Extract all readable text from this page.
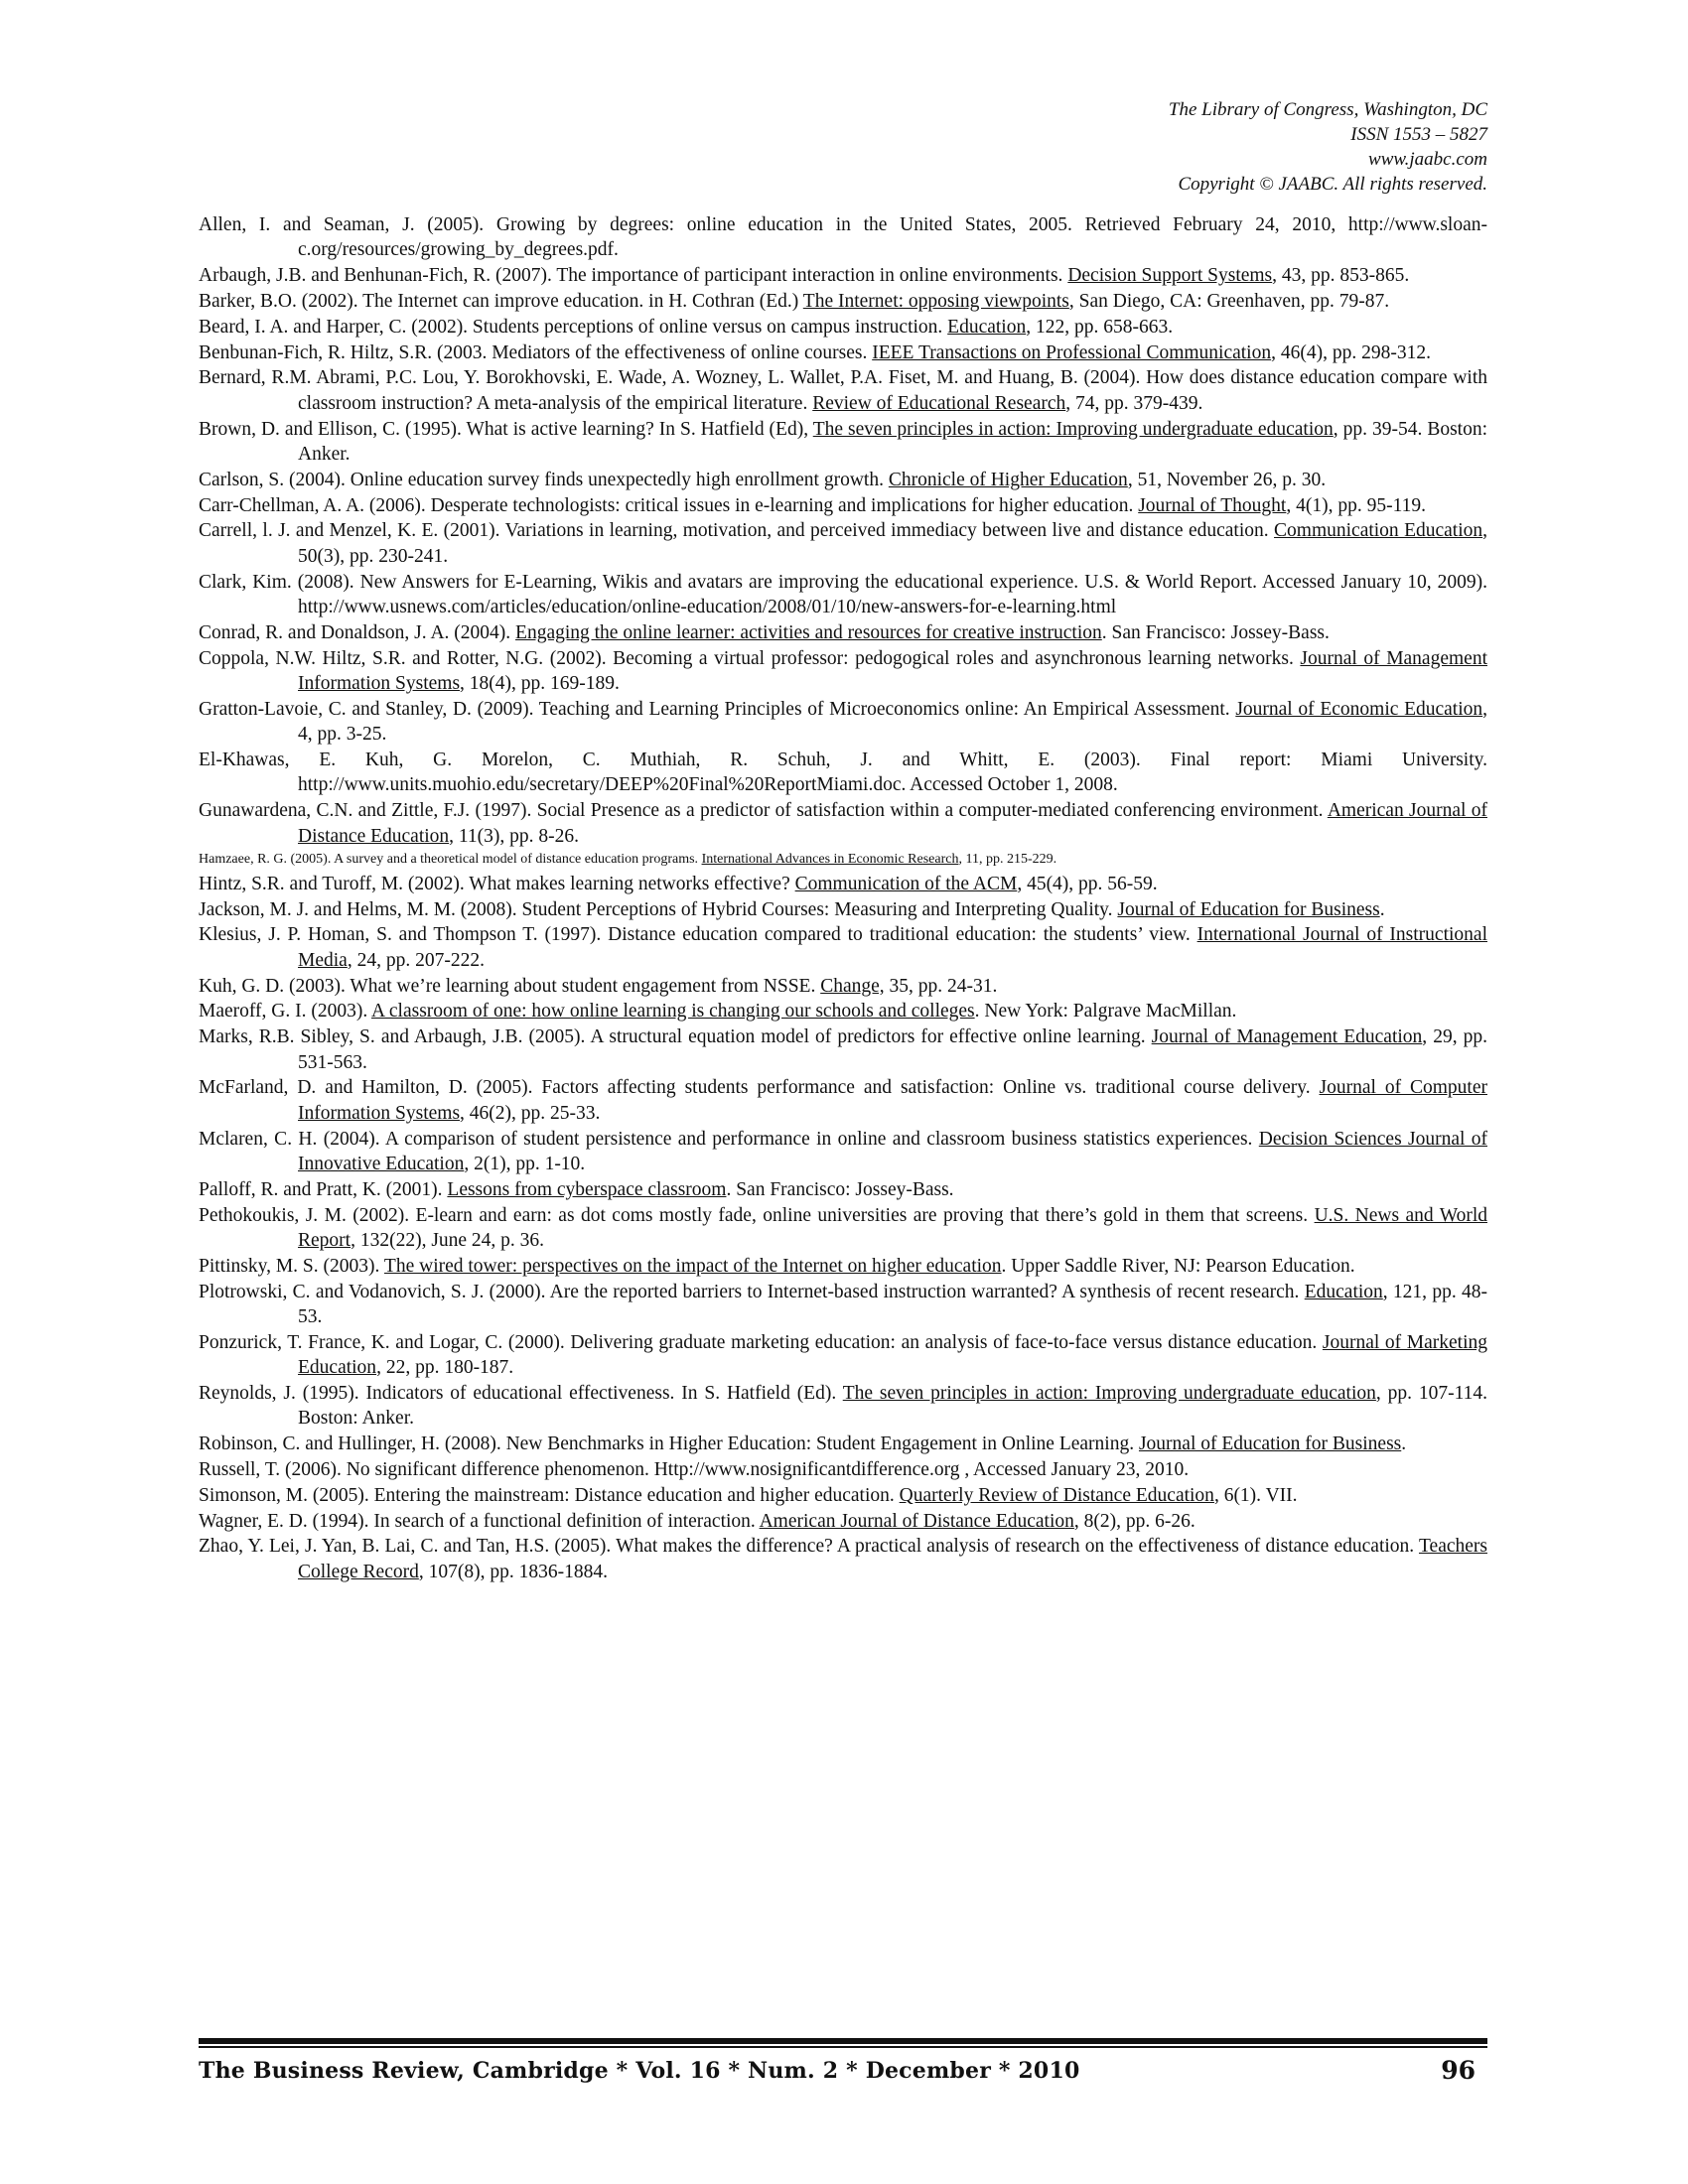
The Library of Congress, Washington, DC
ISSN 1553 – 5827
www.jaabc.com
Copyright © JAABC. All rights reserved.
Allen, I. and Seaman, J. (2005). Growing by degrees: online education in the United States, 2005. Retrieved February 24, 2010, http://www.sloan-c.org/resources/growing_by_degrees.pdf.
Arbaugh, J.B. and Benhunan-Fich, R. (2007). The importance of participant interaction in online environments. Decision Support Systems, 43, pp. 853-865.
Barker, B.O. (2002). The Internet can improve education. in H. Cothran (Ed.) The Internet: opposing viewpoints, San Diego, CA: Greenhaven, pp. 79-87.
Beard, I. A. and Harper, C. (2002). Students perceptions of online versus on campus instruction. Education, 122, pp. 658-663.
Benbunan-Fich, R. Hiltz, S.R. (2003. Mediators of the effectiveness of online courses. IEEE Transactions on Professional Communication, 46(4), pp. 298-312.
Bernard, R.M. Abrami, P.C. Lou, Y. Borokhovski, E. Wade, A. Wozney, L. Wallet, P.A. Fiset, M. and Huang, B. (2004). How does distance education compare with classroom instruction? A meta-analysis of the empirical literature. Review of Educational Research, 74, pp. 379-439.
Brown, D. and Ellison, C. (1995). What is active learning? In S. Hatfield (Ed), The seven principles in action: Improving undergraduate education, pp. 39-54. Boston: Anker.
Carlson, S. (2004). Online education survey finds unexpectedly high enrollment growth. Chronicle of Higher Education, 51, November 26, p. 30.
Carr-Chellman, A. A. (2006). Desperate technologists: critical issues in e-learning and implications for higher education. Journal of Thought, 4(1), pp. 95-119.
Carrell, l. J. and Menzel, K. E. (2001). Variations in learning, motivation, and perceived immediacy between live and distance education. Communication Education, 50(3), pp. 230-241.
Clark, Kim. (2008). New Answers for E-Learning, Wikis and avatars are improving the educational experience. U.S. & World Report. Accessed January 10, 2009). http://www.usnews.com/articles/education/online-education/2008/01/10/new-answers-for-e-learning.html
Conrad, R. and Donaldson, J. A. (2004). Engaging the online learner: activities and resources for creative instruction. San Francisco: Jossey-Bass.
Coppola, N.W. Hiltz, S.R. and Rotter, N.G. (2002). Becoming a virtual professor: pedogogical roles and asynchronous learning networks. Journal of Management Information Systems, 18(4), pp. 169-189.
Gratton-Lavoie, C. and Stanley, D. (2009). Teaching and Learning Principles of Microeconomics online: An Empirical Assessment. Journal of Economic Education, 4, pp. 3-25.
El-Khawas, E. Kuh, G. Morelon, C. Muthiah, R. Schuh, J. and Whitt, E. (2003). Final report: Miami University. http://www.units.muohio.edu/secretary/DEEP%20Final%20ReportMiami.doc. Accessed October 1, 2008.
Gunawardena, C.N. and Zittle, F.J. (1997). Social Presence as a predictor of satisfaction within a computer-mediated conferencing environment. American Journal of Distance Education, 11(3), pp. 8-26.
Hamzaee, R. G. (2005). A survey and a theoretical model of distance education programs. International Advances in Economic Research, 11, pp. 215-229.
Hintz, S.R. and Turoff, M. (2002). What makes learning networks effective? Communication of the ACM, 45(4), pp. 56-59.
Jackson, M. J. and Helms, M. M. (2008). Student Perceptions of Hybrid Courses: Measuring and Interpreting Quality. Journal of Education for Business.
Klesius, J. P. Homan, S. and Thompson T. (1997). Distance education compared to traditional education: the students’ view. International Journal of Instructional Media, 24, pp. 207-222.
Kuh, G. D. (2003). What we’re learning about student engagement from NSSE. Change, 35, pp. 24-31.
Maeroff, G. I. (2003). A classroom of one: how online learning is changing our schools and colleges. New York: Palgrave MacMillan.
Marks, R.B. Sibley, S. and Arbaugh, J.B. (2005). A structural equation model of predictors for effective online learning. Journal of Management Education, 29, pp. 531-563.
McFarland, D. and Hamilton, D. (2005). Factors affecting students performance and satisfaction: Online vs. traditional course delivery. Journal of Computer Information Systems, 46(2), pp. 25-33.
Mclaren, C. H. (2004). A comparison of student persistence and performance in online and classroom business statistics experiences. Decision Sciences Journal of Innovative Education, 2(1), pp. 1-10.
Palloff, R. and Pratt, K. (2001). Lessons from cyberspace classroom. San Francisco: Jossey-Bass.
Pethokoukis, J. M. (2002). E-learn and earn: as dot coms mostly fade, online universities are proving that there’s gold in them that screens. U.S. News and World Report, 132(22), June 24, p. 36.
Pittinsky, M. S. (2003). The wired tower: perspectives on the impact of the Internet on higher education. Upper Saddle River, NJ: Pearson Education.
Plotrowski, C. and Vodanovich, S. J. (2000). Are the reported barriers to Internet-based instruction warranted? A synthesis of recent research. Education, 121, pp. 48-53.
Ponzurick, T. France, K. and Logar, C. (2000). Delivering graduate marketing education: an analysis of face-to-face versus distance education. Journal of Marketing Education, 22, pp. 180-187.
Reynolds, J. (1995). Indicators of educational effectiveness. In S. Hatfield (Ed). The seven principles in action: Improving undergraduate education, pp. 107-114. Boston: Anker.
Robinson, C. and Hullinger, H. (2008). New Benchmarks in Higher Education: Student Engagement in Online Learning. Journal of Education for Business.
Russell, T. (2006). No significant difference phenomenon. Http://www.nosignificantdifference.org , Accessed January 23, 2010.
Simonson, M. (2005). Entering the mainstream: Distance education and higher education. Quarterly Review of Distance Education, 6(1). VII.
Wagner, E. D. (1994). In search of a functional definition of interaction. American Journal of Distance Education, 8(2), pp. 6-26.
Zhao, Y. Lei, J. Yan, B. Lai, C. and Tan, H.S. (2005). What makes the difference? A practical analysis of research on the effectiveness of distance education. Teachers College Record, 107(8), pp. 1836-1884.
The Business Review, Cambridge * Vol. 16 * Num. 2 * December * 2010	96
